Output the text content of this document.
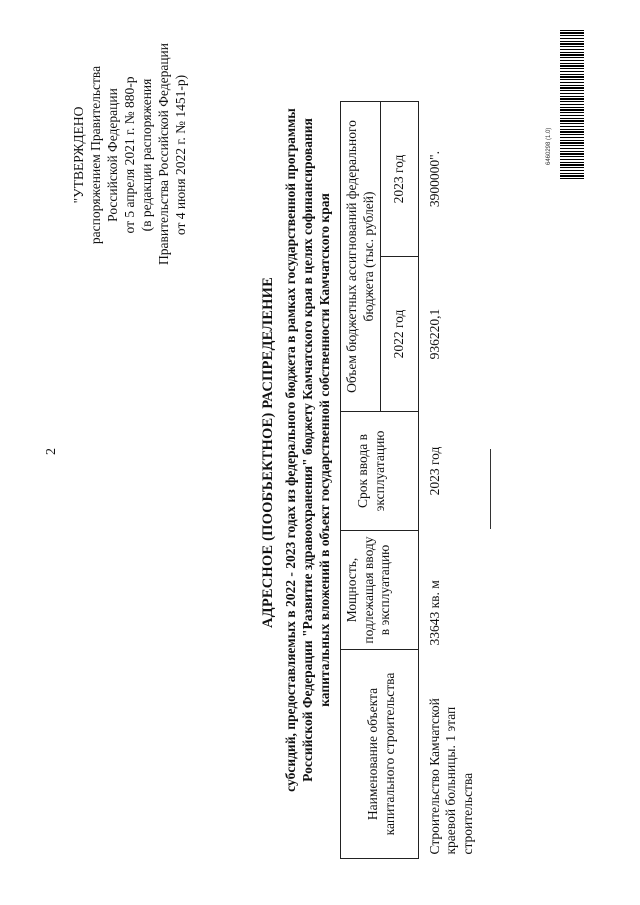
2
"УТВЕРЖДЕНО распоряжением Правительства Российской Федерации от 5 апреля 2021 г. № 880-р (в редакции распоряжения Правительства Российской Федерации от 4 июня 2022 г. № 1451-р)
АДРЕСНОЕ (ПООБЪЕКТНОЕ) РАСПРЕДЕЛЕНИЕ субсидий, предоставляемых в 2022 - 2023 годах из федерального бюджета в рамках государственной программы Российской Федерации "Развитие здравоохранения" бюджету Камчатского края в целях софинансирования капитальных вложений в объект государственной собственности Камчатского края
Наименование объекта капитального строительства	Мощность, подлежащая вводу в эксплуатацию	Срок ввода в эксплуатацию	Объем бюджетных ассигнований федерального бюджета (тыс. рублей)	
			2022 год	2023 год
Строительство Камчатской краевой больницы. 1 этап строительства	33643 кв. м	2023 год	936220,1	3900000".
6460298 (1.0)
